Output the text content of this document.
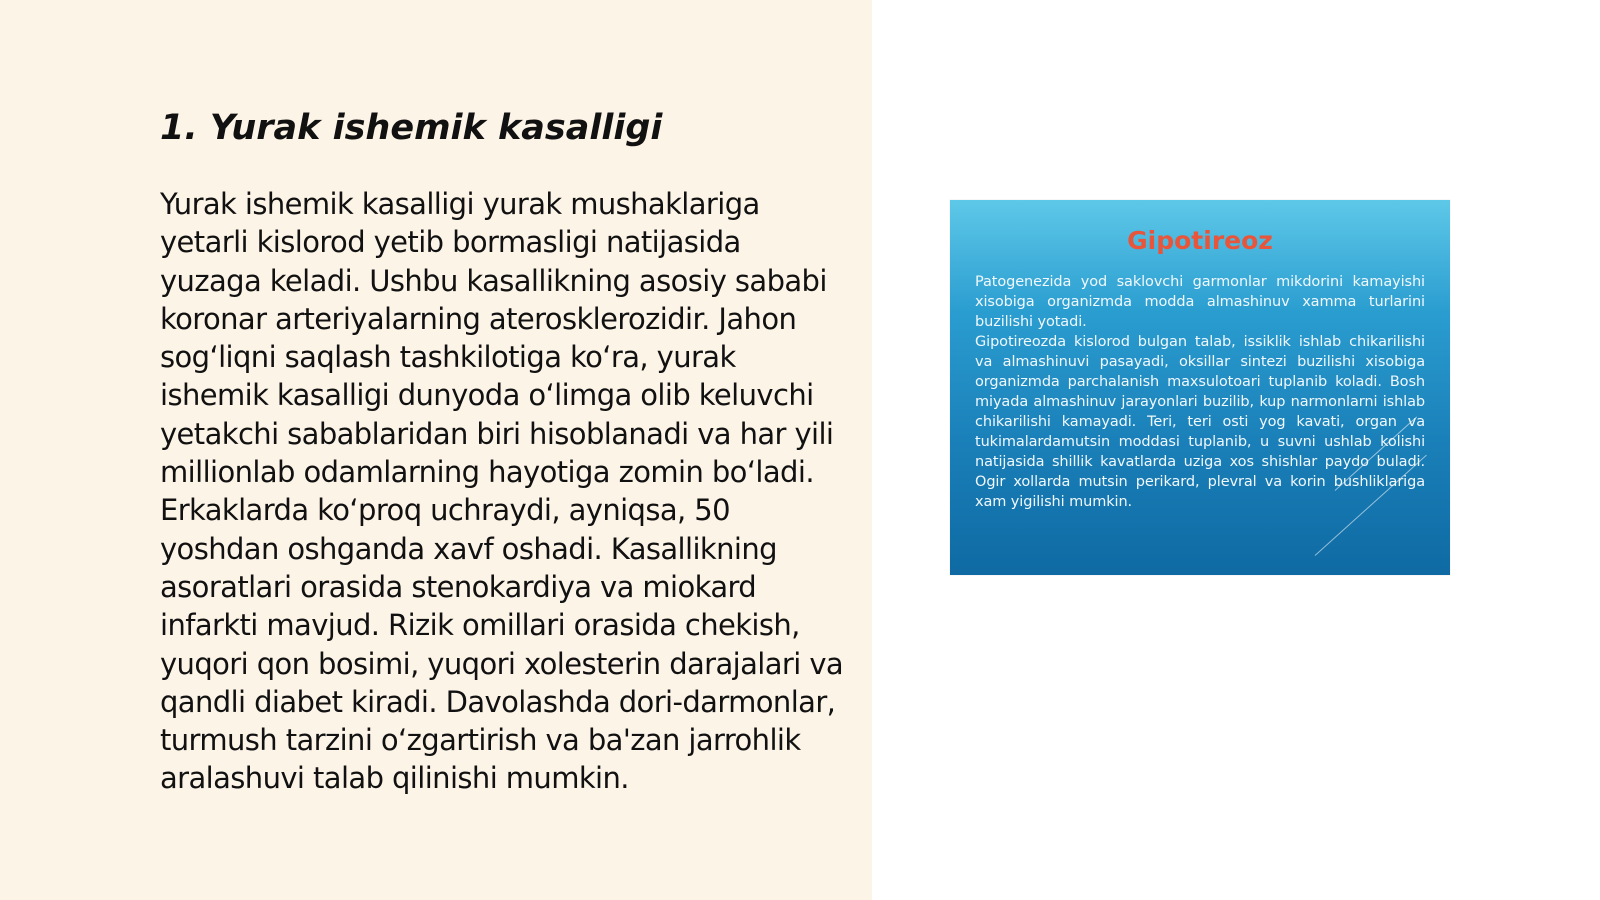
1. Yurak ishemik kasalligi

Yurak ishemik kasalligi yurak mushaklariga yetarli kislorod yetib bormasligi natijasida yuzaga keladi. Ushbu kasallikning asosiy sababi koronar arteriyalarning aterosklerozidir. Jahon sog‘liqni saqlash tashkilotiga ko‘ra, yurak ishemik kasalligi dunyoda o‘limga olib keluvchi yetakchi sabablaridan biri hisoblanadi va har yili millionlab odamlarning hayotiga zomin bo‘ladi. Erkaklarda ko‘proq uchraydi, ayniqsa, 50 yoshdan oshganda xavf oshadi. Kasallikning asoratlari orasida stenokardiya va miokard infarkti mavjud. Rizik omillari orasida chekish, yuqori qon bosimi, yuqori xolesterin darajalari va qandli diabet kiradi. Davolashda dori-darmonlar, turmush tarzini o‘zgartirish va ba'zan jarrohlik aralashuvi talab qilinishi mumkin.

Gipotireoz

Patogenezida yod saklovchi garmonlar mikdorini kamayishi xisobiga organizmda modda almashinuv xamma turlarini buzilishi yotadi.
Gipotireozda kislorod bulgan talab, issiklik ishlab chikarilishi va almashinuvi pasayadi, oksillar sintezi buzilishi xisobiga organizmda parchalanish maxsulotoari tuplanib koladi. Bosh miyada almashinuv jarayonlari buzilib, kup narmonlarni ishlab chikarilishi kamayadi. Teri, teri osti yog kavati, organ va tukimalardamutsin moddasi tuplanib, u suvni ushlab kolishi natijasida shillik kavatlarda uziga xos shishlar paydo buladi. Ogir xollarda mutsin perikard, plevral va korin bushliklariga xam yigilishi mumkin.
